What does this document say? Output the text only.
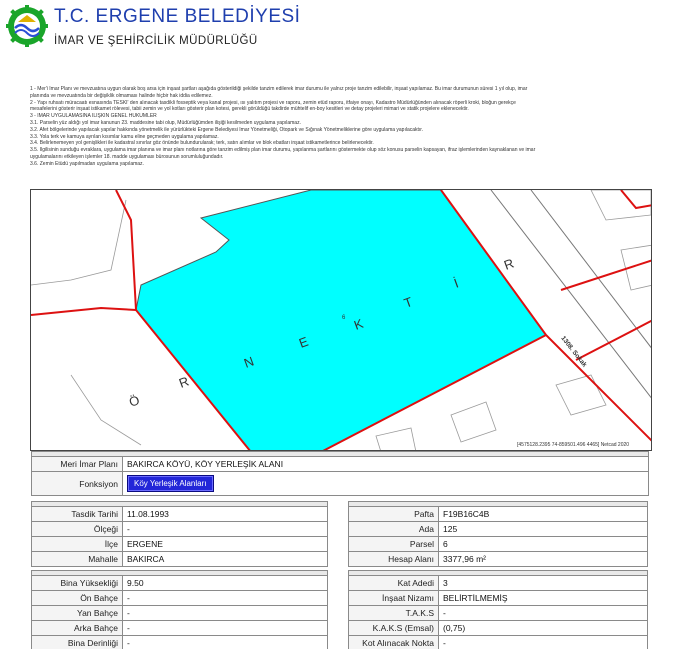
T.C. ERGENE BELEDİYESİ
İMAR VE ŞEHİRCİLİK MÜDÜRLÜĞÜ

1 - Mer'i İmar Planı ve mevzuatına uygun olarak boş arsa için inşaat şartları aşağıda gösterildiği şekilde tanzim edilerek imar durumu ile yalnız proje tanzim edilebilir, inşaat yapılamaz. Bu imar durumunun süresi 1 yıl olup, imar

planında ve mevzuatında bir değişiklik olmaması halinde hiçbir hak iddia edilemez.

2 - Yapı ruhsatı müracaatı esnasında TESKİ' den alınacak tasdikli fosseptik veya kanal projesi, ısı yalıtım projesi ve raporu, zemin etüd raporu, itfaiye onayı, Kadastro Müdürlüğünden alınacak röperli kroki, bloğun gerekçe

mesafelerini gösterir inşaat istikamet rölevesi, tabii zemin ve yol kotları gösterir plan kotesi, gerekli görüldüğü takdirde mühtelif en-boy kesitleri ve detay projeleri mimari ve statik projelere eklenecektir.

3 - İMAR UYGULAMASINA İLİŞKİN GENEL HÜKÜMLER

3.1. Parselin yüz aldığı yol imar kanunun 23. maddesine tabi olup, Müdürlüğümden ilişiği kesilmeden uygulama yapılamaz.

3.2. Afet bölgelerinde yapılacak yapılar hakkında yönetmelik ile yürürlükteki Ergene Belediyesi İmar Yönetmeliği, Otopark ve Sığınak Yönetmeliklerine göre uygulama yapılacaktır.

3.3. Yola terk ve kamuya ayrılan kısımlar kamu eline geçmeden uygulama yapılamaz.

3.4. Belirlenemeyen yol genişlikleri ile kadastral sınırlar göz önünde bulundurularak; terk, satın alımlar ve blok ebatları inşaat istikametlerince belirlenecektir.

3.5. İlgilisinin sunduğu evraklara, uygulama imar planına ve imar planı notlarına göre tanzim edilmiş plan imar durumu, yapılanma şartlarını göstermekte olup söz konusu parselin kapsayan, ifraz işlemlerinden kaynaklanan ve imar

uygulamalarını etkileyen işlemler 18. madde uygulaması bürosunun sorumluluğundadır.

3.6. Zemin Etüdü yapılmadan uygulama yapılamaz.

Ö
R
N
E
K
T
İ
R
6
1308. Sokak
[4575128.2395 74-859501.496 4465] Netcad 2020

Meri İmar Planı	BAKIRCA KÖYÜ, KÖY YERLEŞİK ALANI
Fonksiyon	Köy Yerleşik Alanları

Tasdik Tarihi	11.08.1993
Ölçeği	-
İlçe	ERGENE
Mahalle	BAKIRCA

Pafta	F19B16C4B
Ada	125
Parsel	6
Hesap Alanı	3377,96 m²

Bina Yüksekliği	9.50
Ön Bahçe	-
Yan Bahçe	-
Arka Bahçe	-
Bina Derinliği	-

Kat Adedi	3
İnşaat Nizamı	BELİRTİLMEMİŞ
T.A.K.S	-
K.A.K.S (Emsal)	(0,75)
Kot Alınacak Nokta	-
